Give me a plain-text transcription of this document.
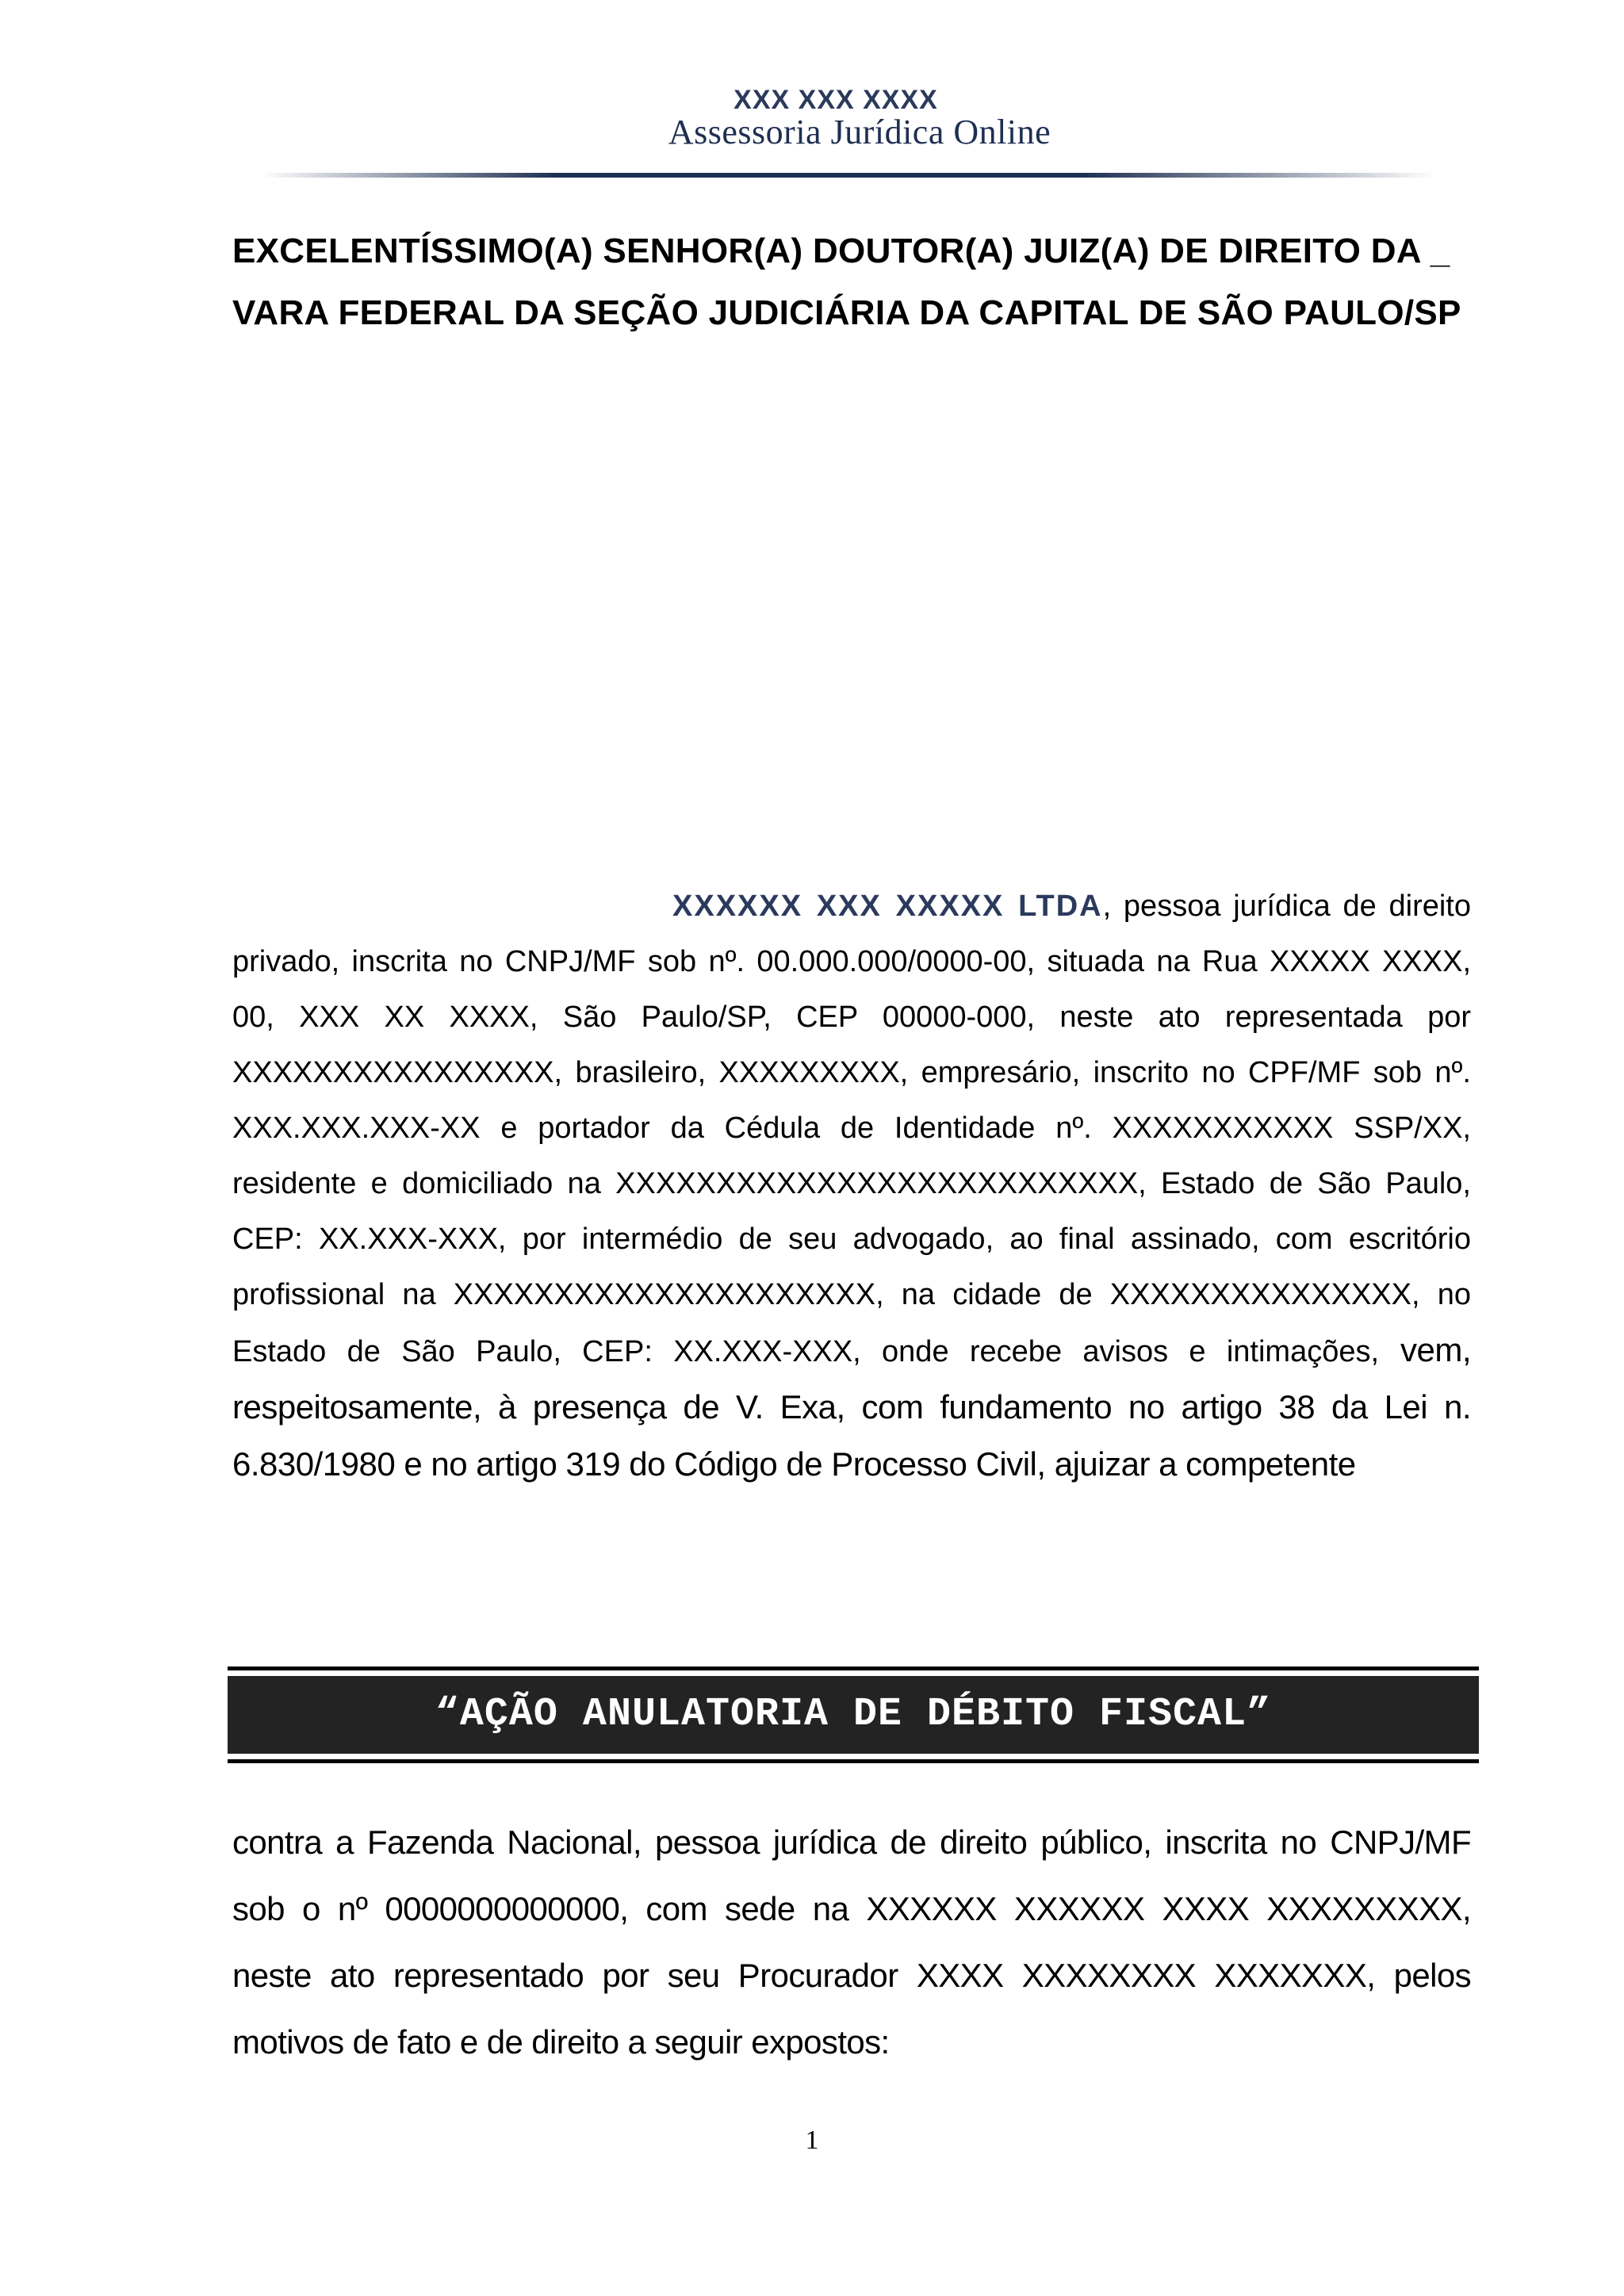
XXX XXX XXXX
Assessoria Jurídica Online
EXCELENTÍSSIMO(A) SENHOR(A) DOUTOR(A) JUIZ(A) DE DIREITO DA _ VARA FEDERAL DA SEÇÃO JUDICIÁRIA DA CAPITAL DE SÃO PAULO/SP
XXXXXX XXX XXXXX LTDA, pessoa jurídica de direito privado, inscrita no CNPJ/MF sob nº. 00.000.000/0000-00, situada na Rua XXXXX XXXX, 00, XXX XX XXXX, São Paulo/SP, CEP 00000-000, neste ato representada por XXXXXXXXXXXXXXXX, brasileiro, XXXXXXXXX, empresário, inscrito no CPF/MF sob nº. XXX.XXX.XXX-XX e portador da Cédula de Identidade nº. XXXXXXXXXXX SSP/XX, residente e domiciliado na XXXXXXXXXXXXXXXXXXXXXXXXXX, Estado de São Paulo, CEP: XX.XXX-XXX, por intermédio de seu advogado, ao final assinado, com escritório profissional na XXXXXXXXXXXXXXXXXXXXX, na cidade de XXXXXXXXXXXXXXX, no Estado de São Paulo, CEP: XX.XXX-XXX, onde recebe avisos e intimações, vem, respeitosamente, à presença de V. Exa, com fundamento no artigo 38 da Lei n. 6.830/1980 e no artigo 319 do Código de Processo Civil, ajuizar a competente
“AÇÃO ANULATORIA DE DÉBITO FISCAL”
contra a Fazenda Nacional, pessoa jurídica de direito público, inscrita no CNPJ/MF sob o nº 0000000000000, com sede na XXXXXX XXXXXX XXXX XXXXXXXXX, neste ato representado por seu Procurador XXXX XXXXXXXX XXXXXXX, pelos motivos de fato e de direito a seguir expostos:
1
